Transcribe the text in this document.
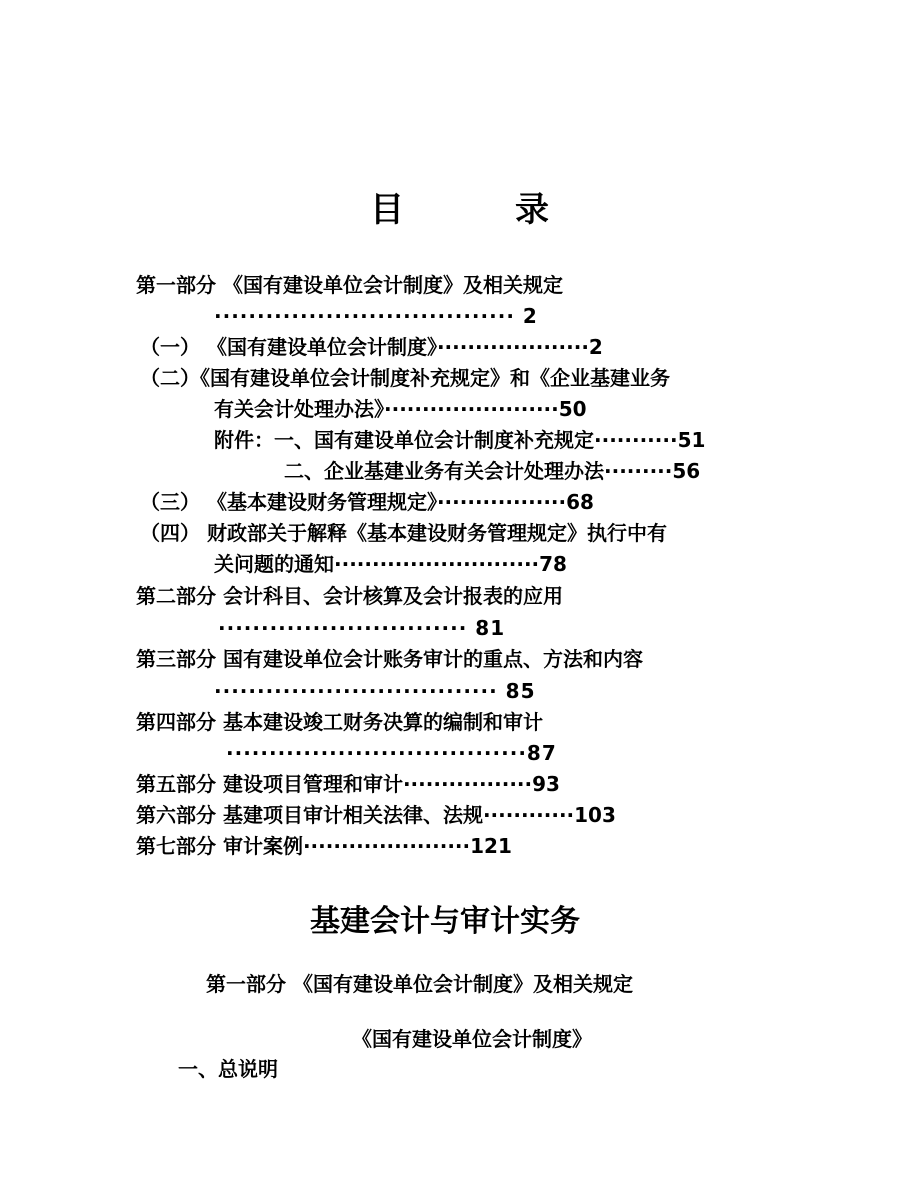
目	录
第一部分 《国有建设单位会计制度》及相关规定
··································· 2
（一） 《国有建设单位会计制度》····················2
（二）《国有建设单位会计制度补充规定》和《企业基建业务
有关会计处理办法》·······················50
附件：一、国有建设单位会计制度补充规定···········51
二、企业基建业务有关会计处理办法·········56
（三） 《基本建设财务管理规定》·················68
（四） 财政部关于解释《基本建设财务管理规定》执行中有
关问题的通知···························78
第二部分 会计科目、会计核算及会计报表的应用
····························· 81
第三部分 国有建设单位会计账务审计的重点、方法和内容
································· 85
第四部分 基本建设竣工财务决算的编制和审计
···································87
第五部分 建设项目管理和审计·················93
第六部分 基建项目审计相关法律、法规············103
第七部分 审计案例······················121
基建会计与审计实务
第一部分 《国有建设单位会计制度》及相关规定
《国有建设单位会计制度》
一、总说明
